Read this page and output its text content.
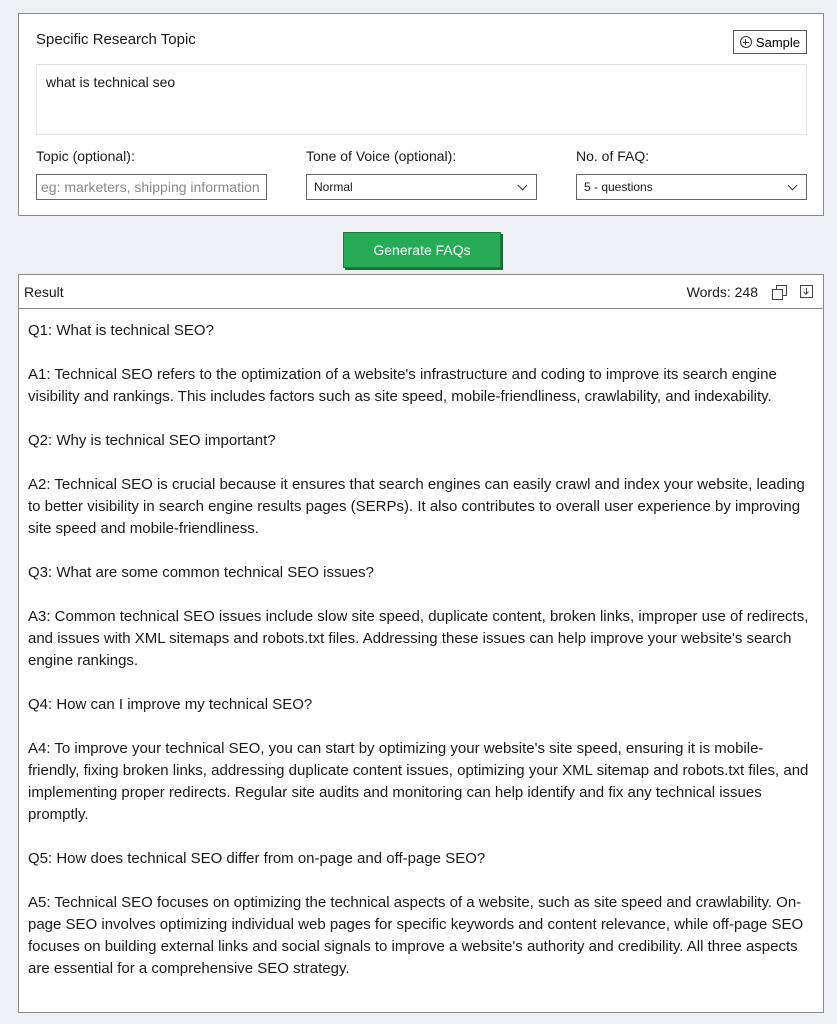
Specific Research Topic	Sample
what is technical seo
Topic (optional):
eg: marketers, shipping information
Tone of Voice (optional):
Normal
No. of FAQ:
5 - questions
Generate FAQs
Result	Words: 248

Q1: What is technical SEO?

A1: Technical SEO refers to the optimization of a website's infrastructure and coding to improve its search engine visibility and rankings. This includes factors such as site speed, mobile-friendliness, crawlability, and indexability.

Q2: Why is technical SEO important?

A2: Technical SEO is crucial because it ensures that search engines can easily crawl and index your website, leading to better visibility in search engine results pages (SERPs). It also contributes to overall user experience by improving site speed and mobile-friendliness.

Q3: What are some common technical SEO issues?

A3: Common technical SEO issues include slow site speed, duplicate content, broken links, improper use of redirects, and issues with XML sitemaps and robots.txt files. Addressing these issues can help improve your website's search engine rankings.

Q4: How can I improve my technical SEO?

A4: To improve your technical SEO, you can start by optimizing your website's site speed, ensuring it is mobile-friendly, fixing broken links, addressing duplicate content issues, optimizing your XML sitemap and robots.txt files, and implementing proper redirects. Regular site audits and monitoring can help identify and fix any technical issues promptly.

Q5: How does technical SEO differ from on-page and off-page SEO?

A5: Technical SEO focuses on optimizing the technical aspects of a website, such as site speed and crawlability. On-page SEO involves optimizing individual web pages for specific keywords and content relevance, while off-page SEO focuses on building external links and social signals to improve a website's authority and credibility. All three aspects are essential for a comprehensive SEO strategy.
